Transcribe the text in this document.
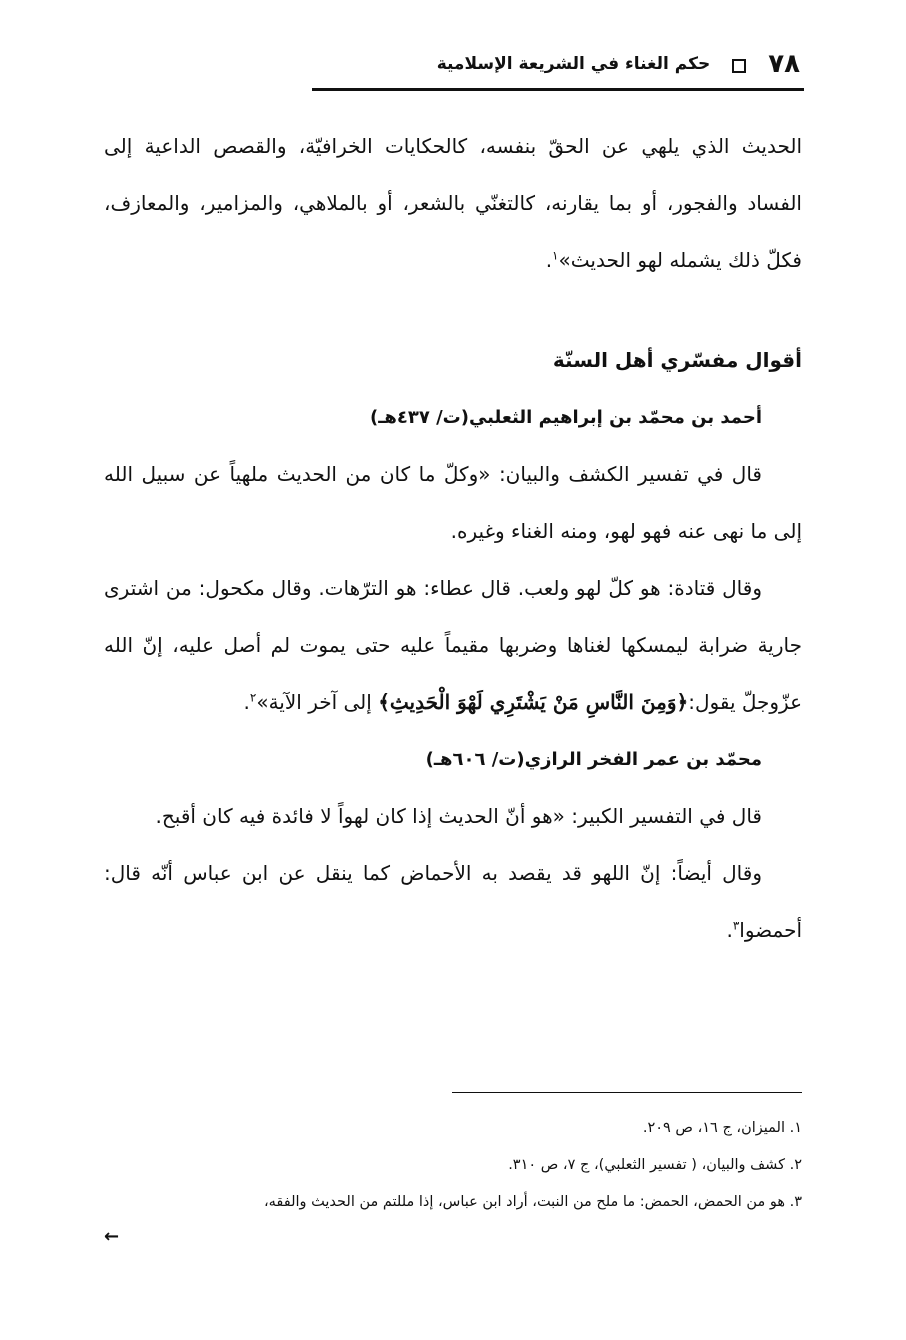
٧٨
حكم الغناء في الشريعة الإسلامية

الحديث الذي يلهي عن الحقّ بنفسه، كالحكايات الخرافيّة، والقصص الداعية إلى الفساد والفجور، أو بما يقارنه، كالتغنّي بالشعر، أو بالملاهي، والمزامير، والمعازف، فكلّ ذلك يشمله لهو الحديث»$^١$.

أقوال مفسّري أهل السنّة

أحمد بن محمّد بن إبراهيم الثعلبي(ت/ ٤٣٧هـ)

قال في تفسير الكشف والبيان: «وكلّ ما كان من الحديث ملهياً عن سبيل الله إلى ما نهى عنه فهو لهو، ومنه الغناء وغيره.

وقال قتادة: هو كلّ لهو ولعب. قال عطاء: هو الترّهات. وقال مكحول: من اشترى جارية ضرابة ليمسكها لغناها وضربها مقيماً عليه حتى يموت لم أصل عليه، إنّ الله عزّوجلّ يقول:﴿وَمِنَ النَّاسِ مَنْ يَشْتَرِي لَهْوَ الْحَدِيثِ﴾ إلى آخر الآية»$^٢$.

محمّد بن عمر الفخر الرازي(ت/ ٦٠٦هـ)

قال في التفسير الكبير: «هو أنّ الحديث إذا كان لهواً لا فائدة فيه كان أقبح.

وقال أيضاً: إنّ اللهو قد يقصد به الأحماض كما ينقل عن ابن عباس أنّه قال: أحمضوا$^٣$.

١. الميزان، ج ١٦، ص ٢٠٩.

٢. كشف والبيان، ( تفسير الثعلبي)، ج ٧، ص ٣١٠.

٣. هو من الحمض، الحمض: ما ملح من النبت، أراد ابن عباس، إذا مللتم من الحديث والفقه،

←
